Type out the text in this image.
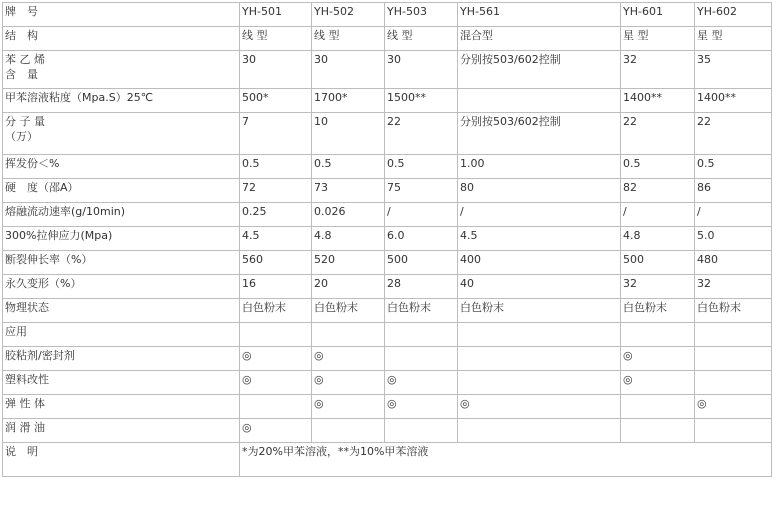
牌　号	YH-501	YH-502	YH-503	YH-561	YH-601	YH-602
结　构	线 型	线 型	线 型	混合型	星 型	星 型
苯 乙 烯
含　量	30	30	30	分别按503/602控制	32	35
甲苯溶液粘度（Mpa.S）25℃	500*	1700*	1500**		1400**	1400**
分 子 量
（万）	7	10	22	分别按503/602控制	22	22
挥发份＜%	0.5	0.5	0.5	1.00	0.5	0.5
硬　度（邵A）	72	73	75	80	82	86
熔融流动速率(g/10min)	0.25	0.026	/	/	/	/
300%拉伸应力(Mpa)	4.5	4.8	6.0	4.5	4.8	5.0
断裂伸长率（%）	560	520	500	400	500	480
永久变形（%）	16	20	28	40	32	32
物理状态	白色粉末	白色粉末	白色粉末	白色粉末	白色粉末	白色粉末
应用						
胶粘剂/密封剂	◎	◎			◎	
塑料改性	◎	◎	◎		◎	
弹 性 体		◎	◎	◎		◎
润 滑 油	◎					
说　明	*为20%甲苯溶液，**为10%甲苯溶液					
